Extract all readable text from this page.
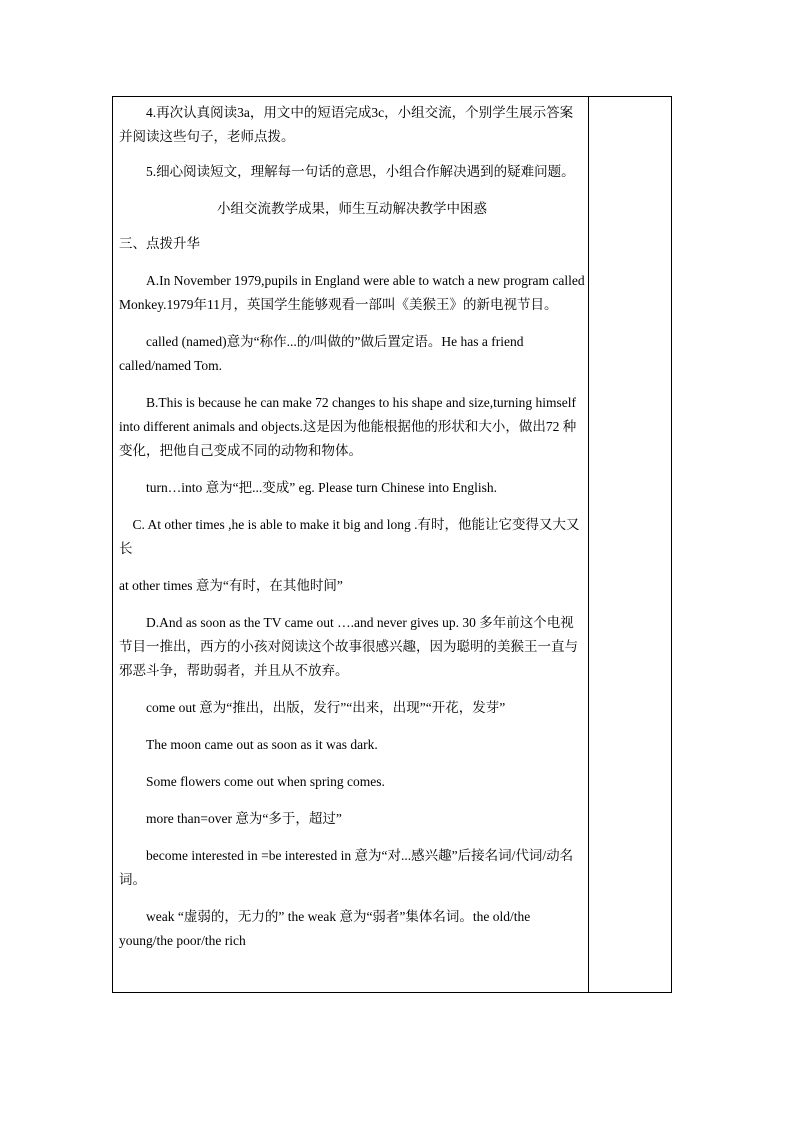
4.再次认真阅读3a，用文中的短语完成3c，小组交流，个别学生展示答案并阅读这些句子，老师点拨。

5.细心阅读短文，理解每一句话的意思，小组合作解决遇到的疑难问题。

小组交流教学成果，师生互动解决教学中困惑

三、点拨升华

A.In November 1979,pupils in England were able to watch a new program called Monkey.1979年11月，英国学生能够观看一部叫《美猴王》的新电视节目。

called (named)意为“称作...的/叫做的”做后置定语。He has a friend called/named Tom.

B.This is because he can make 72 changes to his shape and size,turning himself into different animals and objects.这是因为他能根据他的形状和大小，做出72 种变化，把他自己变成不同的动物和物体。

turn…into 意为“把...变成” eg. Please turn Chinese into English.

C. At other times ,he is able to make it big and long .有时，他能让它变得又大又长

at other times 意为“有时，在其他时间”

D.And as soon as the TV came out ….and never gives up. 30 多年前这个电视节目一推出，西方的小孩对阅读这个故事很感兴趣，因为聪明的美猴王一直与邪恶斗争，帮助弱者，并且从不放弃。

come out 意为“推出，出版，发行”“出来，出现”“开花，发芽”

The moon came out as soon as it was dark.

Some flowers come out when spring comes.

more than=over 意为“多于，超过”

become interested in =be interested in 意为“对...感兴趣”后接名词/代词/动名词。

weak “虚弱的，无力的” the weak 意为“弱者”集体名词。the old/the young/the poor/the rich
